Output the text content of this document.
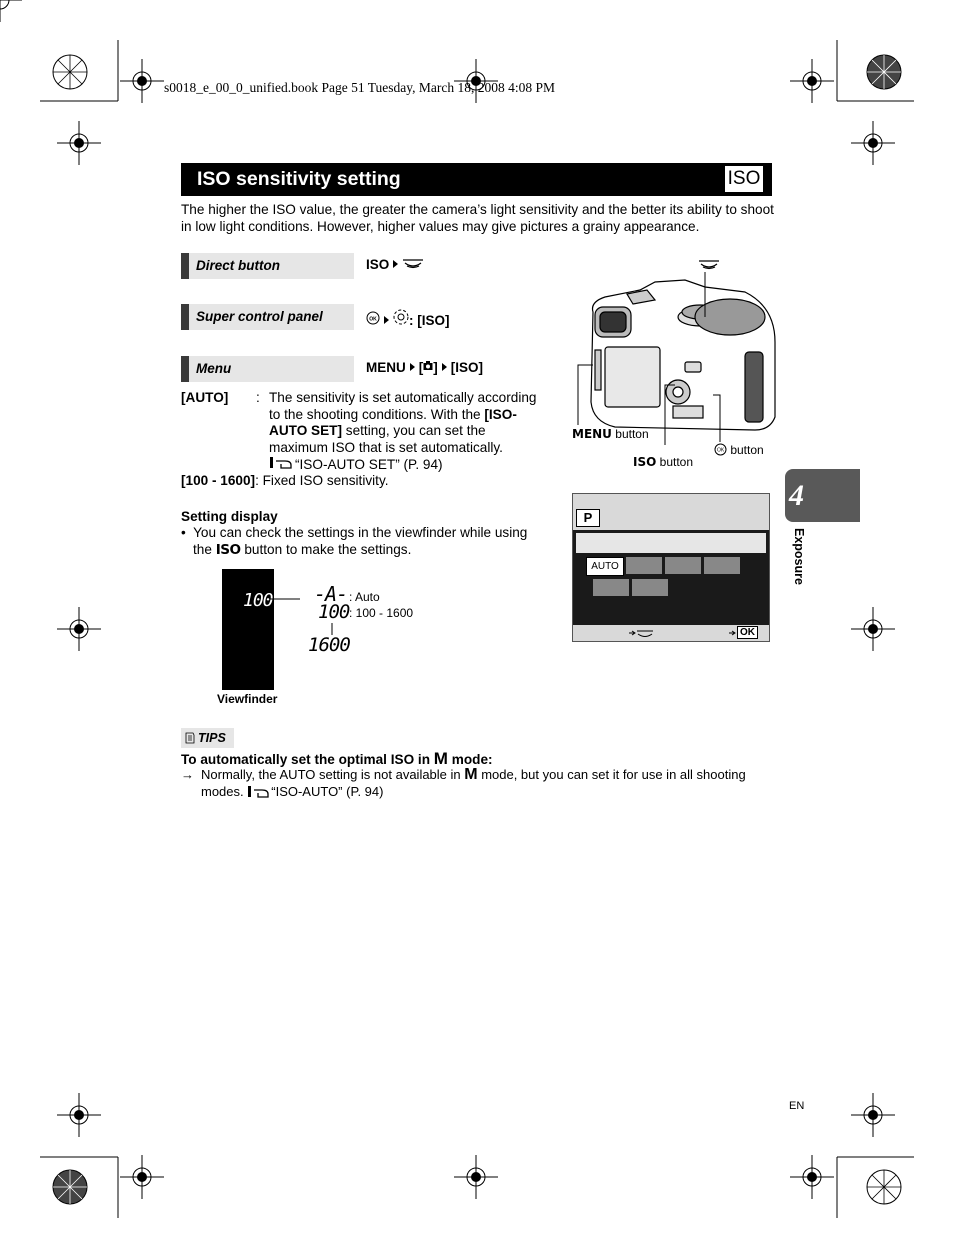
s0018_e_00_0_unified.book Page 51 Tuesday, March 18, 2008 4:08 PM
ISO sensitivity setting	ISO
The higher the ISO value, the greater the camera’s light sensitivity and the better its ability to shoot in low light conditions. However, higher values may give pictures a grainy appearance.
Direct button	ISO
Super control panel	OK : [ISO]
Menu	MENU [ ] [ISO]
[AUTO] : The sensitivity is set automatically according
to the shooting conditions. With the [ISO-
AUTO SET] setting, you can set the
maximum ISO that is set automatically.
“ISO-AUTO SET” (P. 94)
[100 - 1600]: Fixed ISO sensitivity.
Setting display
•  You can check the settings in the viewfinder while using
the ISO button to make the settings.
100 -A-
100
1600
: Auto
: 100 - 1600
Viewfinder
MENU button
OK button
ISO button
P
AUTO
OK
4
Exposure
TIPS
To automatically set the optimal ISO in M mode:
→ Normally, the AUTO setting is not available in M mode, but you can set it for use in all shooting
modes. “ISO-AUTO” (P. 94)
EN
